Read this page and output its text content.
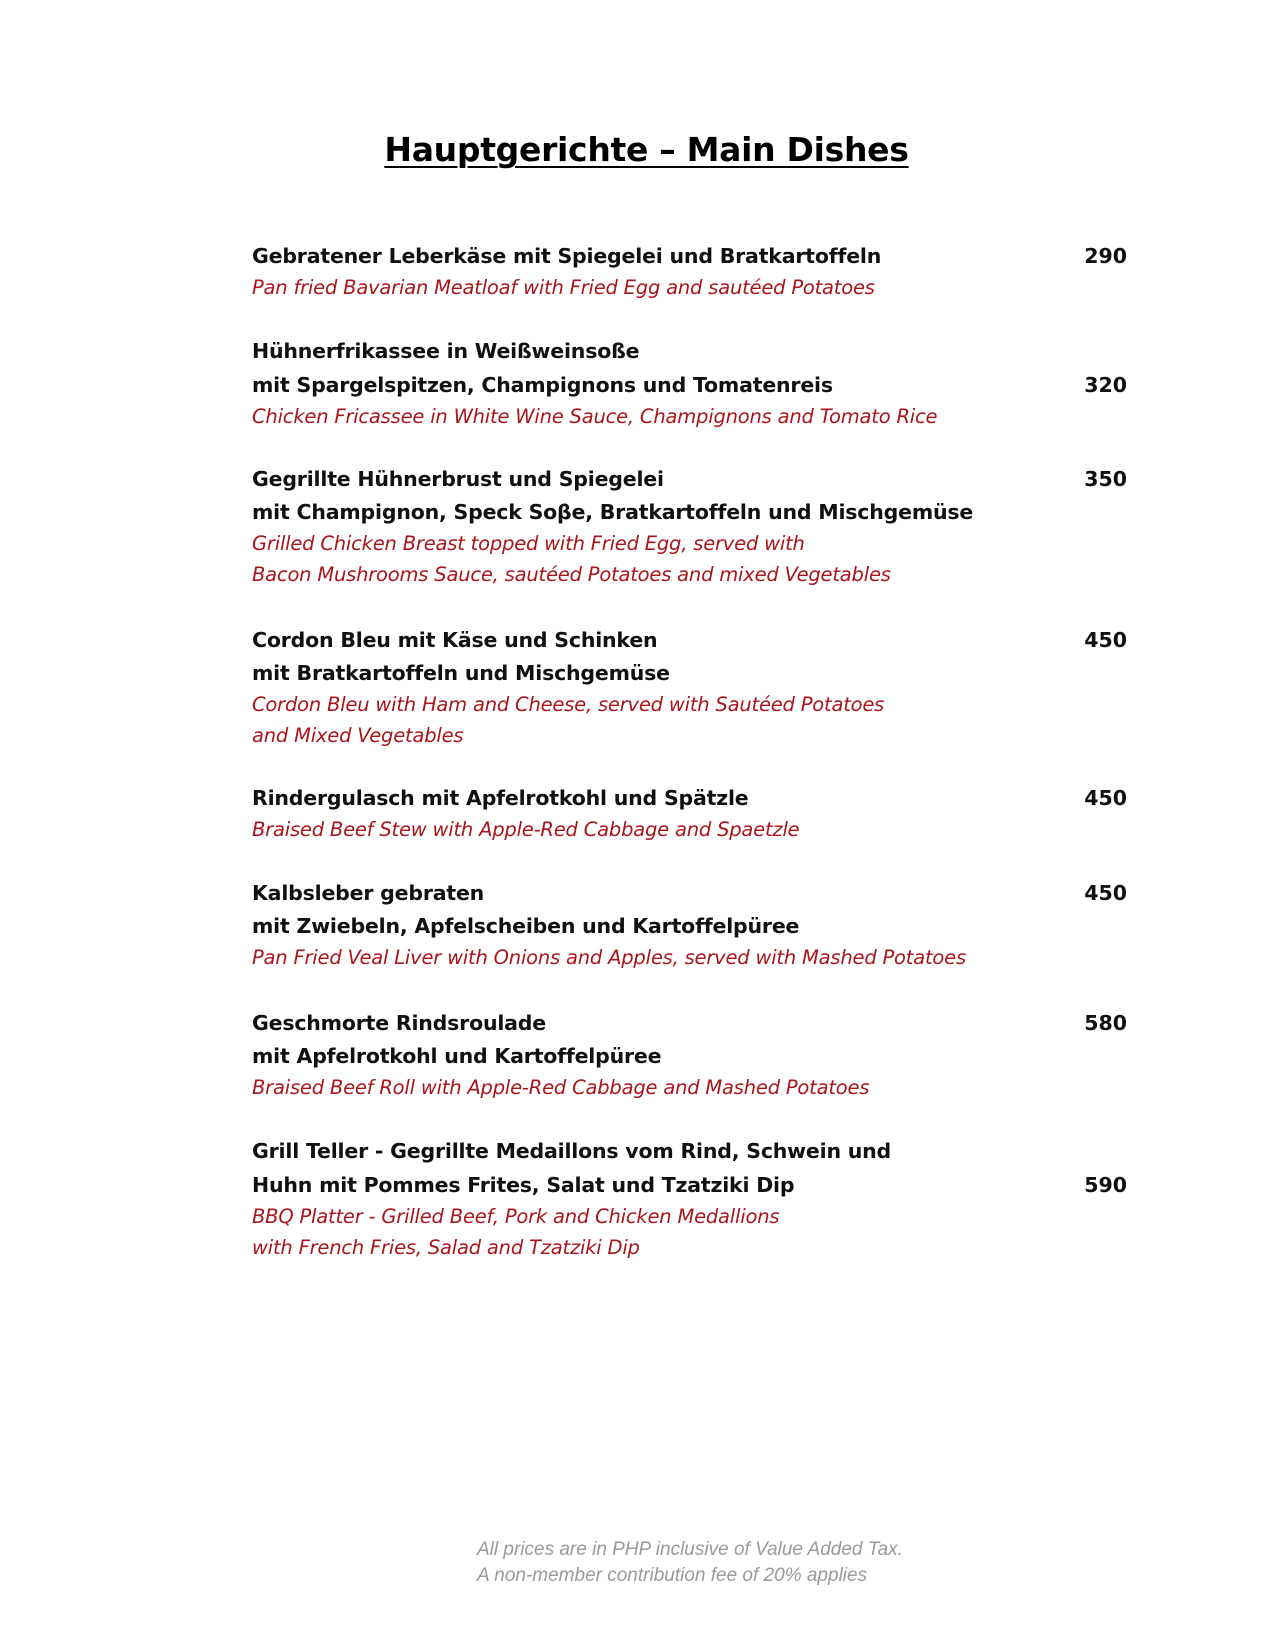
Hauptgerichte – Main Dishes
Gebratener Leberkäse mit Spiegelei und Bratkartoffeln
Pan fried Bavarian Meatloaf with Fried Egg and sautéed Potatoes
290
Hühnerfrikassee in Weißweinsoße
mit Spargelspitzen, Champignons und Tomatenreis
Chicken Fricassee in White Wine Sauce, Champignons and Tomato Rice
320
Gegrillte Hühnerbrust und Spiegelei
mit Champignon, Speck Soβe, Bratkartoffeln und Mischgemüse
Grilled Chicken Breast topped with Fried Egg, served with
Bacon Mushrooms Sauce, sautéed Potatoes and mixed Vegetables
350
Cordon Bleu mit Käse und Schinken
mit Bratkartoffeln und Mischgemüse
Cordon Bleu with Ham and Cheese, served with Sautéed Potatoes
and Mixed Vegetables
450
Rindergulasch mit Apfelrotkohl und Spätzle
Braised Beef Stew with Apple-Red Cabbage and Spaetzle
450
Kalbsleber gebraten
mit Zwiebeln, Apfelscheiben und Kartoffelpüree
Pan Fried Veal Liver with Onions and Apples, served with Mashed Potatoes
450
Geschmorte Rindsroulade
mit Apfelrotkohl und Kartoffelpüree
Braised Beef Roll with Apple-Red Cabbage and Mashed Potatoes
580
Grill Teller - Gegrillte Medaillons vom Rind, Schwein und
Huhn mit Pommes Frites, Salat und Tzatziki Dip
BBQ Platter - Grilled Beef, Pork and Chicken Medallions
with French Fries, Salad and Tzatziki Dip
590
All prices are in PHP inclusive of Value Added Tax.
A non-member contribution fee of 20% applies
